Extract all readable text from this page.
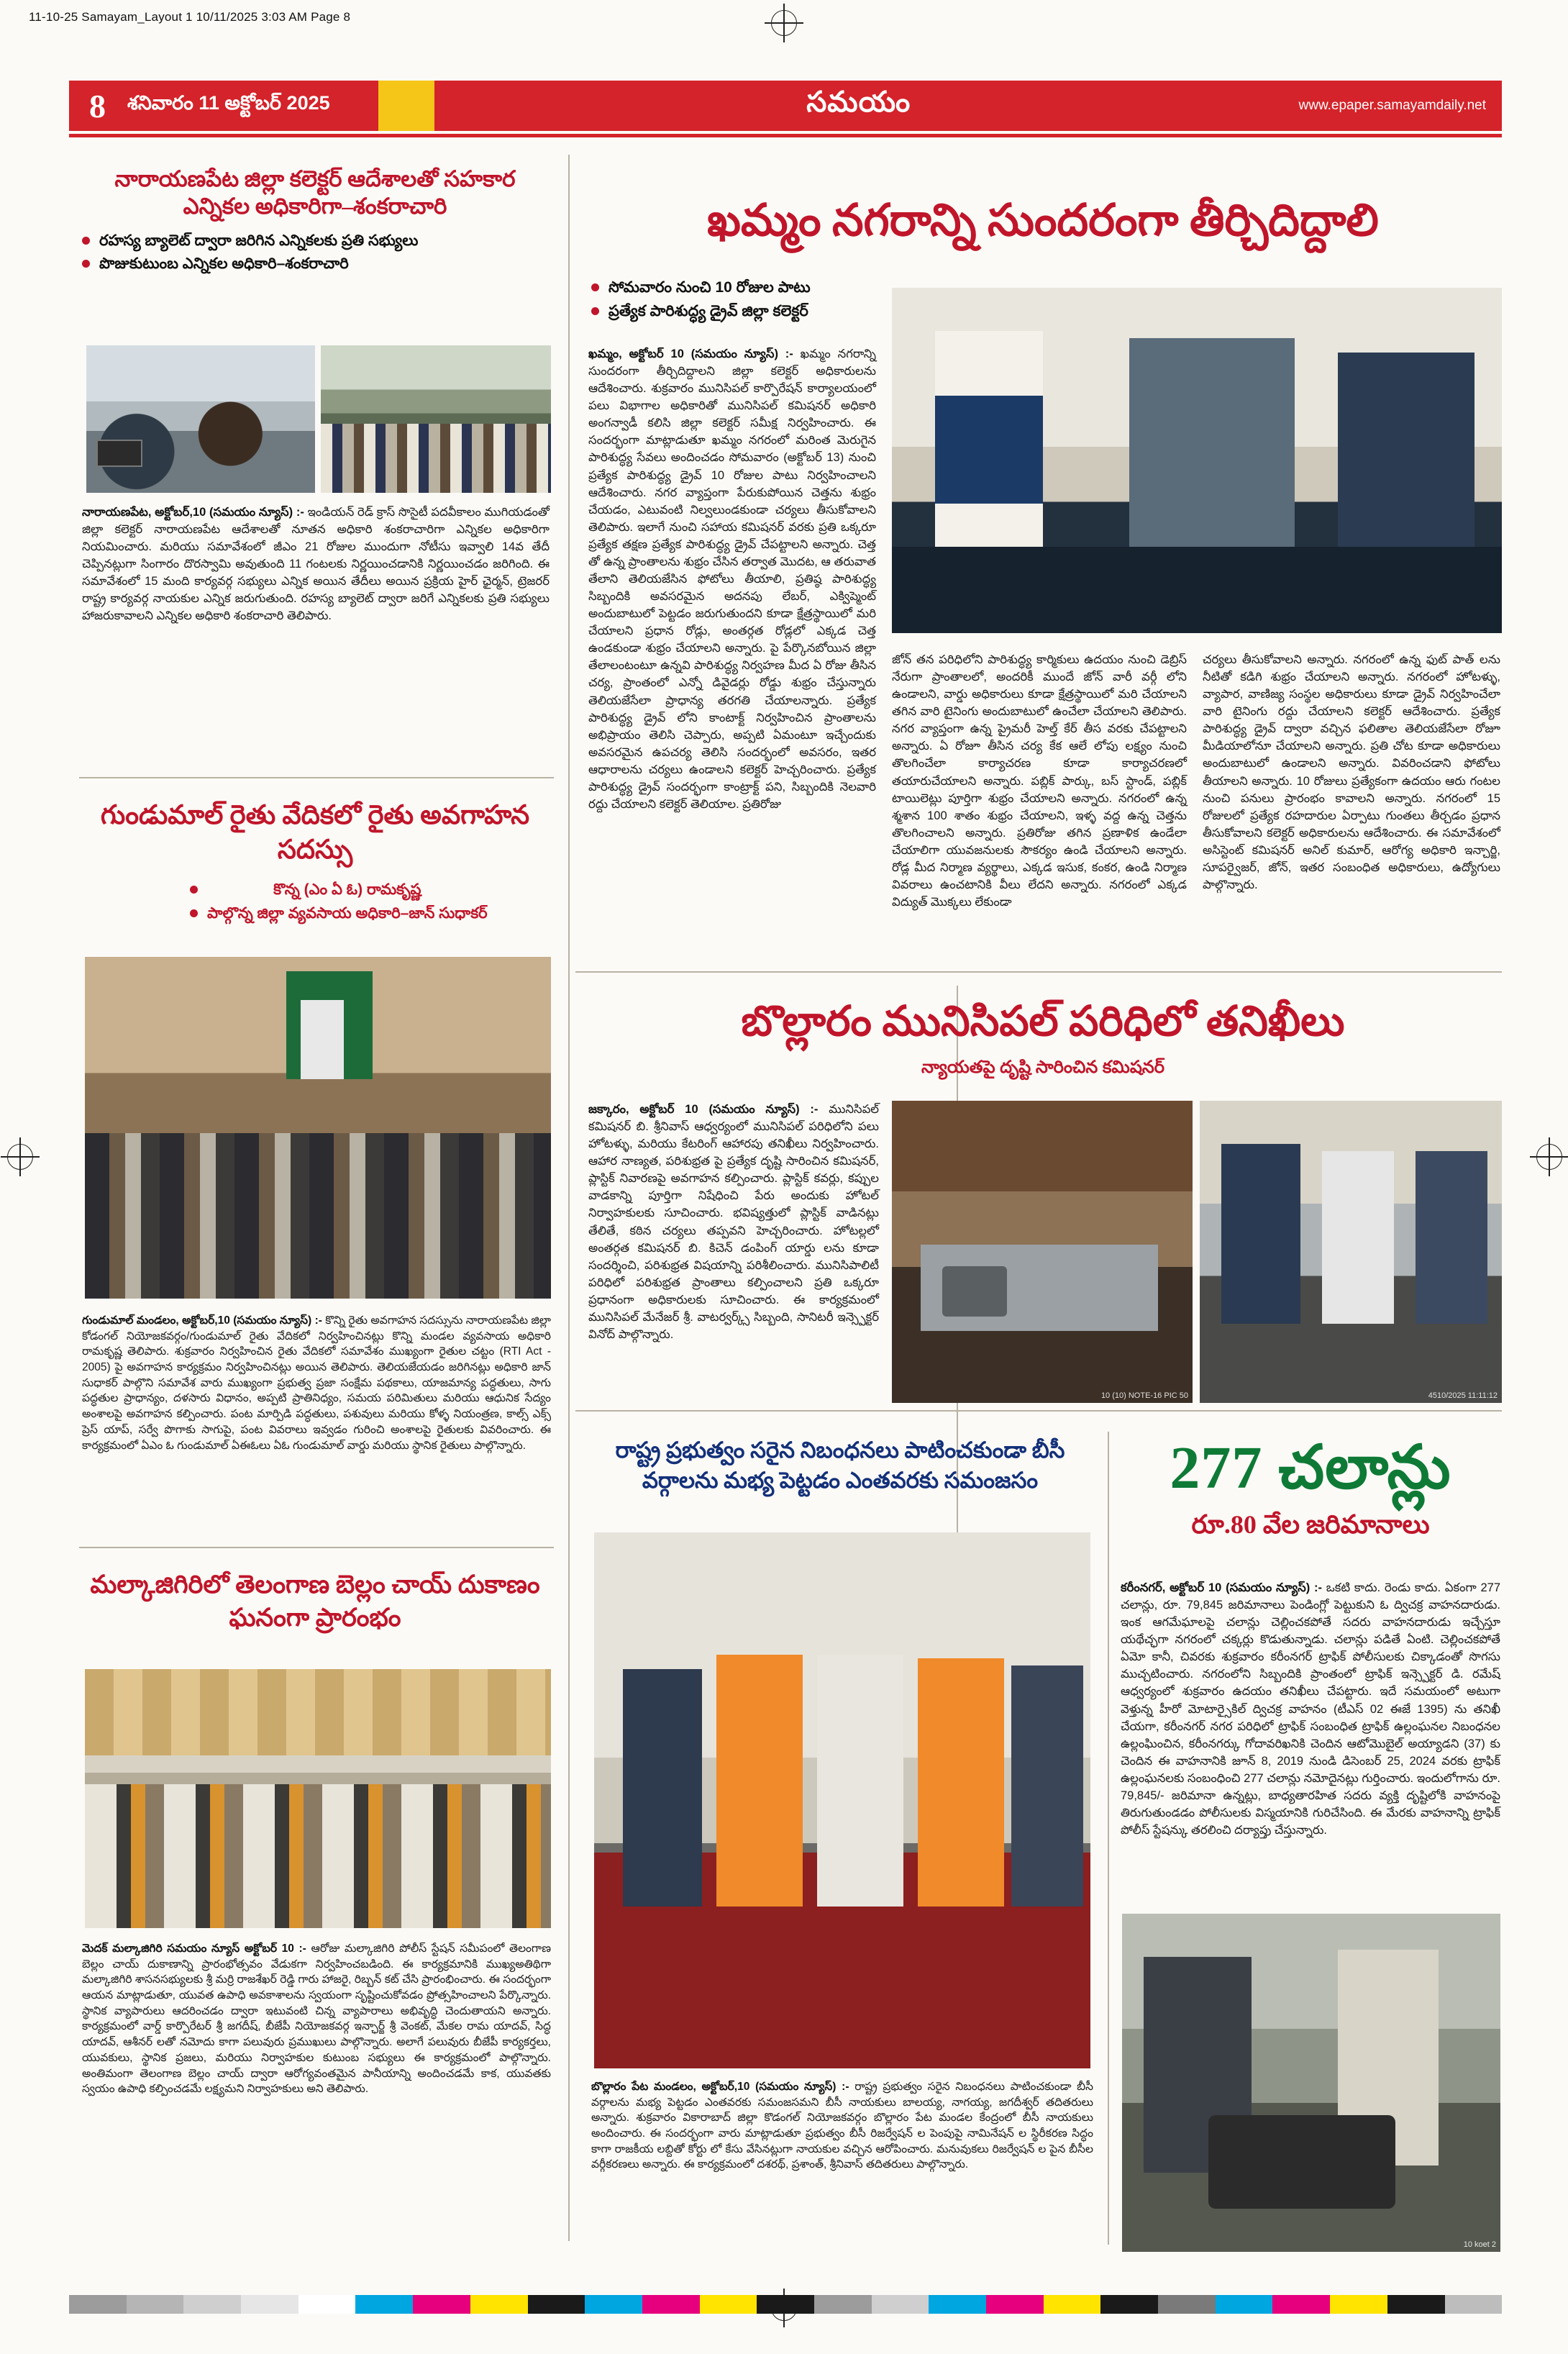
11-10-25 Samayam_Layout 1 10/11/2025 3:03 AM Page 8
8	శనివారం 11 అక్టోబర్ 2025	సమయం	www.epaper.samayamdaily.net
నారాయణపేట జిల్లా కలెక్టర్ ఆదేశాలతో సహకార ఎన్నికల అధికారిగా–శంకరాచారి
రహస్య బ్యాలెట్ ద్వారా జరిగిన ఎన్నికలకు ప్రతి సభ్యులు
పొజుకుటుంబ ఎన్నికల అధికారి–శంకరాచారి
నారాయణపేట, అక్టోబర్,10 (సమయం న్యూస్) :- ఇండియన్ రెడ్ క్రాస్ సొసైటీ పదవీకాలం ముగియడంతో జిల్లా కలెక్టర్ నారాయణపేట ఆదేశాలతో నూతన అధికారి శంకరాచారిగా ఎన్నికల అధికారిగా నియమించారు. మరియు సమావేశంలో జీఎం 21 రోజుల ముందుగా నోటీసు ఇవ్వాలి 14వ తేదీ చెప్పినట్లుగా సింగారం దొరస్వామి అవుతుంది 11 గంటలకు నిర్ణయించడానికి నిర్ణయించడం జరిగింది. ఈ సమావేశంలో 15 మంది కార్యవర్గ సభ్యులు ఎన్నిక అయిన తేదీలు అయిన ప్రక్రియ హైర్ ఛైర్మన్, ట్రెజరర్ రాష్ట్ర కార్యవర్గ నాయకుల ఎన్నిక జరుగుతుంది. రహస్య బ్యాలెట్ ద్వారా జరిగే ఎన్నికలకు ప్రతి సభ్యులు హాజరుకావాలని ఎన్నికల అధికారి శంకరాచారి తెలిపారు.
గుండుమాల్ రైతు వేదికలో రైతు అవగాహన సదస్సు
కొన్న (ఎం ఏ ఓ) రామకృష్ణ
పాల్గొన్న జిల్లా వ్యవసాయ అధికారి–జాన్ సుధాకర్
గుండుమాల్ మండలం, అక్టోబర్,10 (సమయం న్యూస్) :- కొన్ని రైతు అవగాహన సదస్సును నారాయణపేట జిల్లా కోడంగల్ నియోజకవర్గం/గుండుమాల్ రైతు వేదికలో నిర్వహించినట్లు కొన్ని మండల వ్యవసాయ అధికారి రామకృష్ణ తెలిపారు. శుక్రవారం నిర్వహించిన రైతు వేదికలో సమావేశం ముఖ్యంగా రైతుల చట్టం (RTI Act - 2005) పై అవగాహన కార్యక్రమం నిర్వహించినట్లు అయిన తెలిపారు. తెలియజేయడం జరిగినట్లు అధికారి జాన్ సుధాకర్ పాల్గొని సమావేశ వారు ముఖ్యంగా ప్రభుత్వ ప్రజా సంక్షేమ పథకాలు, యాజమాన్య పద్ధతులు, సాగు పద్ధతుల ప్రాధాన్యం, దళసారు విధానం, అప్పటి ప్రాతినిధ్యం, సమయ పరిమితులు మరియు ఆధునిక సేద్యం అంశాలపై అవగాహన కల్పించారు. పంట మార్పిడి పద్ధతులు, పశువులు మరియు కోళ్ళ నియంత్రణ, కాల్స్ ఎక్స్ ప్రెస్ యాప్, సర్వే పొగాకు సాగుపై, పంట వివరాలు ఇవ్వడం గురించి అంశాలపై రైతులకు వివరించారు. ఈ కార్యక్రమంలో ఏఎం ఓ గుండుమాల్ ఏఈఓలు ఏఓ గుండుమాల్ వార్డు మరియు స్థానిక రైతులు పాల్గొన్నారు.
మల్కాజిగిరిలో తెలంగాణ బెల్లం చాయ్ దుకాణం ఘనంగా ప్రారంభం
మెదక్ మల్కాజిగిరి సమయం న్యూస్ అక్టోబర్ 10 :- ఆరోజు మల్కాజిగిరి పోలీస్ స్టేషన్ సమీపంలో తెలంగాణ బెల్లం చాయ్ దుకాణాన్ని ప్రారంభోత్సవం వేడుకగా నిర్వహించబడింది. ఈ కార్యక్రమానికి ముఖ్యఅతిథిగా మల్కాజిగిరి శాసనసభ్యులకు శ్రీ మర్రి రాజశేఖర్ రెడ్డి గారు హాజరై, రిబ్బన్ కట్ చేసి ప్రారంభించారు. ఈ సందర్భంగా ఆయన మాట్లాడుతూ, యువత ఉపాధి అవకాశాలను స్వయంగా సృష్టించుకోవడం ప్రోత్సహించాలని పేర్కొన్నారు. స్థానిక వ్యాపారులు ఆదరించడం ద్వారా ఇటువంటి చిన్న వ్యాపారాలు అభివృద్ధి చెందుతాయని అన్నారు. కార్యక్రమంలో వార్డ్ కార్పొరేటర్ శ్రీ జగదీష్, బీజేపీ నియోజకవర్గ ఇన్ఛార్జ్ శ్రీ వెంకట్, మేకల రామ యాదవ్, సిద్ధ యాదవ్, ఆశీనర్ లతో నమోదు కాగా పలువురు ప్రముఖులు పాల్గొన్నారు. అలాగే పలువురు బీజేపీ కార్యకర్తలు, యువకులు, స్థానిక ప్రజలు, మరియు నిర్వాహకుల కుటుంబ సభ్యులు ఈ కార్యక్రమంలో పాల్గొన్నారు. అంతిమంగా తెలంగాణ బెల్లం చాయ్ ద్వారా ఆరోగ్యవంతమైన పానీయాన్ని అందించడమే కాక, యువతకు స్వయం ఉపాధి కల్పించడమే లక్ష్యమని నిర్వాహకులు అని తెలిపారు.
ఖమ్మం నగరాన్ని సుందరంగా తీర్చిదిద్దాలి
సోమవారం నుంచి 10 రోజుల పాటు
ప్రత్యేక పారిశుద్ధ్య డ్రైవ్ జిల్లా కలెక్టర్
ఖమ్మం, అక్టోబర్ 10 (సమయం న్యూస్) :- ఖమ్మం నగరాన్ని సుందరంగా తీర్చిదిద్దాలని జిల్లా కలెక్టర్ అధికారులను ఆదేశించారు. శుక్రవారం మునిసిపల్ కార్పొరేషన్ కార్యాలయంలో పలు విభాగాల అధికారితో మునిసిపల్ కమిషనర్ అధికారి అంగన్వాడీ కలిసి జిల్లా కలెక్టర్ సమీక్ష నిర్వహించారు. ఈ సందర్భంగా మాట్లాడుతూ ఖమ్మం నగరంలో మరింత మెరుగైన పారిశుద్ధ్య సేవలు అందించడం సోమవారం (అక్టోబర్ 13) నుంచి ప్రత్యేక పారిశుద్ధ్య డ్రైవ్ 10 రోజుల పాటు నిర్వహించాలని ఆదేశించారు. నగర వ్యాప్తంగా పేరుకుపోయిన చెత్తను శుభ్రం చేయడం, ఎటువంటి నిల్వలుండకుండా చర్యలు తీసుకోవాలని తెలిపారు. ఇలాగే నుంచి సహాయ కమిషనర్ వరకు ప్రతి ఒక్కరూ ప్రత్యేక తక్షణ ప్రత్యేక పారిశుద్ధ్య డ్రైవ్ చేపట్టాలని అన్నారు. చెత్త తో ఉన్న ప్రాంతాలను శుభ్రం చేసిన తర్వాత మొదట, ఆ తరువాత తేలాని తెలియజేసిన ఫోటోలు తీయాలి, ప్రతిష్ఠ పారిశుద్ధ్య సిబ్బందికి అవసరమైన అదనపు లేబర్, ఎక్విప్మెంట్ అందుబాటులో పెట్టడం జరుగుతుందని కూడా క్షేత్రస్థాయిలో మరి చేయాలని ప్రధాన రోడ్లు, అంతర్గత రోడ్లలో ఎక్కడ చెత్త ఉండకుండా శుభ్రం చేయాలని అన్నారు. పై పేర్కొనబోయిన జిల్లా తేలాలంటంటూ ఉన్నవి పారిశుద్ధ్య నిర్వహణ మీద ఏ రోజు తీసిన చర్య, ప్రాంతంలో ఎన్నో డివైడర్లు రోడ్డు శుభ్రం చేస్తున్నారు తెలియజేసేలా ప్రాధాన్య తరగతి చేయాలన్నారు. ప్రత్యేక పారిశుద్ధ్య డ్రైవ్ లోని కాంటాక్ట్ నిర్వహించిన ప్రాంతాలను అభిప్రాయం తెలిసి చెప్పారు, అప్పటి ఏమంటూ ఇచ్చేందుకు అవసరమైన ఉపచర్య తెలిసి సందర్భంలో అవసరం, ఇతర ఆధారాలను చర్యలు ఉండాలని కలెక్టర్ హెచ్చరించారు. ప్రత్యేక పారిశుద్ధ్య డ్రైవ్ సందర్భంగా కాంట్రాక్ట్ పని, సిబ్బందికి నెలవారి రద్దు చేయాలని కలెక్టర్ తెలియాల. ప్రతిరోజు
జోన్ తన పరిధిలోని పారిశుద్ధ్య కార్మికులు ఉదయం నుంచి డెబ్రిస్ నేరుగా ప్రాంతాలలో, అందరికీ ముందే జోన్ వారీ వర్గీ లోని ఉండాలని, వార్డు అధికారులు కూడా క్షేత్రస్థాయిలో మరి చేయాలని తగిన వారి టైనింగు అందుబాటులో ఉంచేలా చేయాలని తెలిపారు. నగర వ్యాప్తంగా ఉన్న ప్రైమరీ హెల్త్ కేర్ తీస వరకు చేపట్టాలని అన్నారు. ఏ రోజూ తీసిన చర్య కేక ఆలే లోపు లక్ష్యం నుంచి తొలగించేలా కార్యాచరణ కూడా కార్యాచరణలో తయారుచేయాలని అన్నారు. పబ్లిక్ పార్కు, బస్ స్టాండ్, పబ్లిక్ టాయిలెట్లు పూర్తిగా శుభ్రం చేయాలని అన్నారు. నగరంలో ఉన్న శ్మశాన 100 శాతం శుభ్రం చేయాలని, ఇళ్ళ వద్ద ఉన్న చెత్తను తొలగించాలని అన్నారు. ప్రతిరోజు తగిన ప్రణాళిక ఉండేలా చేయాలిగా యువజనులకు సౌకర్యం ఉండి చేయాలని అన్నారు. రోడ్ల మీద నిర్మాణ వ్యర్థాలు, ఎక్కడ ఇసుక, కంకర, ఉండి నిర్మాణ వివరాలు ఉంచటానికి వీలు లేదని అన్నారు. నగరంలో ఎక్కడ విద్యుత్ మొక్కలు లేకుండా
చర్యలు తీసుకోవాలని అన్నారు. నగరంలో ఉన్న ఫుట్ పాత్ లను నీటితో కడిగి శుభ్రం చేయాలని అన్నారు. నగరంలో హోటళ్ళు, వ్యాపార, వాణిజ్య సంస్థల అధికారులు కూడా డ్రైవ్ నిర్వహించేలా వారి టైనింగు రద్దు చేయాలని కలెక్టర్ ఆదేశించారు. ప్రత్యేక పారిశుద్ధ్య డ్రైవ్ ద్వారా వచ్చిన ఫలితాల తెలియజేసేలా రోజూ మీడియాలోనూ చేయాలని అన్నారు. ప్రతి చోట కూడా అధికారులు అందుబాటులో ఉండాలని అన్నారు. వివరించడాని ఫోటోలు తీయాలని అన్నారు. 10 రోజులు ప్రత్యేకంగా ఉదయం ఆరు గంటల నుంచి పనులు ప్రారంభం కావాలని అన్నారు. నగరంలో 15 రోజులలో ప్రత్యేక రహదారుల ఏర్పాటు గుంతలు తీర్చడం ప్రధాన తీసుకోవాలని కలెక్టర్ అధికారులను ఆదేశించారు. ఈ సమావేశంలో అసిస్టెంట్ కమిషనర్ అనిల్ కుమార్, ఆరోగ్య అధికారి ఇన్చార్జి, సూపర్వైజర్, జోన్, ఇతర సంబంధిత అధికారులు, ఉద్యోగులు పాల్గొన్నారు.
బొల్లారం మునిసిపల్ పరిధిలో తనిఖీలు
న్యాయతపై దృష్టి సారించిన కమిషనర్
10 (10) NOTE-16 PIC 50	4510/2025 11:11:12
జక్కారం, అక్టోబర్ 10 (సమయం న్యూస్) :- మునిసిపల్ కమిషనర్ బి. శ్రీనివాస్ ఆధ్వర్యంలో మునిసిపల్ పరిధిలోని పలు హోటళ్ళు, మరియు కేటరింగ్ ఆహారపు తనిఖీలు నిర్వహించారు. ఆహార నాణ్యత, పరిశుభ్రత పై ప్రత్యేక దృష్టి సారించిన కమిషనర్, ప్లాస్టిక్ నివారణపై అవగాహన కల్పించారు. ప్లాస్టిక్ కవర్లు, కప్పుల వాడకాన్ని పూర్తిగా నిషేధించి పేరు అందుకు హోటల్ నిర్వాహకులకు సూచించారు. భవిష్యత్తులో ప్లాస్టిక్ వాడినట్లు తేలితే, కఠిన చర్యలు తప్పవని హెచ్చరించారు. హోటల్లలో అంతర్గత కమిషనర్ బి. కిచెన్ డంపింగ్ యార్డు లను కూడా సందర్శించి, పరిశుభ్రత విషయాన్ని పరిశీలించారు. మునిసిపాలిటీ పరిధిలో పరిశుభ్రత ప్రాంతాలు కల్పించాలని ప్రతి ఒక్కరూ ప్రధానంగా అధికారులకు సూచించారు. ఈ కార్యక్రమంలో మునిసిపల్ మేనేజర్ శ్రీ. వాటర్వర్క్స్ సిబ్బంది, సానిటరీ ఇన్స్పెక్టర్ వినోద్ పాల్గొన్నారు.
రాష్ట్ర ప్రభుత్వం సరైన నిబంధనలు పాటించకుండా బీసీ వర్గాలను మభ్య పెట్టడం ఎంతవరకు సమంజసం
బొల్లారం పేట మండలం, అక్టోబర్,10 (సమయం న్యూస్) :- రాష్ట్ర ప్రభుత్వం సరైన నిబంధనలు పాటించకుండా బీసీ వర్గాలను మభ్య పెట్టడం ఎంతవరకు సమంజసమని బీసీ నాయకులు బాలయ్య, నాగయ్య, జగదీశ్వర్ తదితరులు అన్నారు. శుక్రవారం వికారాబాద్ జిల్లా కొడంగల్ నియోజకవర్గం బొల్లారం పేట మండల కేంద్రంలో బీసీ నాయకులు అందించారు. ఈ సందర్భంగా వారు మాట్లాడుతూ ప్రభుత్వం బీసీ రిజర్వేషన్ ల పెంపుపై నామినేషన్ ల స్థిరీకరణ సిద్ధం కాగా రాజకీయ లబ్దితో కోర్టు లో కేసు వేసినట్లుగా నాయకుల వచ్చిన ఆరోపించారు. మనువుకలు రిజర్వేషన్ ల పైన బీసీల వర్గీకరణలు అన్నారు. ఈ కార్యక్రమంలో దశరథ్, ప్రశాంత్, శ్రీనివాస్ తదితరులు పాల్గొన్నారు.
277 చలాన్లు
రూ.80 వేల జరిమానాలు
కరీంనగర్, అక్టోబర్ 10 (సమయం న్యూస్) :- ఒకటి కాదు. రెండు కాదు. ఏకంగా 277 చలాన్లు, రూ. 79,845 జరిమానాలు పెండింగ్లో పెట్టుకుని ఓ ద్విచక్ర వాహనదారుడు. ఇంక ఆగమేఘాలపై చలాన్లు చెల్లించకపోతే సదరు వాహనదారుడు ఇచ్చేస్తూ యథేచ్ఛగా నగరంలో చక్కర్లు కొడుతున్నాడు. చలాన్లు పడితే ఏంటి. చెల్లించకపోతే ఏమో కానీ, చివరకు శుక్రవారం కరీంనగర్ ట్రాఫిక్ పోలీసులకు చిక్కాడంతో సొగసు ముచ్చటించారు. నగరంలోని సిబ్బందికి ప్రాంతంలో ట్రాఫిక్ ఇన్స్పెక్టర్ డి. రమేష్ ఆధ్వర్యంలో శుక్రవారం ఉదయం తనిఖీలు చేపట్టారు. ఇదే సమయంలో అటుగా వెళ్తున్న హీరో మోటార్సైకిల్ ద్విచక్ర వాహనం (టీఎస్ 02 ఈజే 1395) ను తనిఖీ చేయగా, కరీంనగర్ నగర పరిధిలో ట్రాఫిక్ సంబంధిత ట్రాఫిక్ ఉల్లంఘనల నిబంధనల ఉల్లంఘించిన, కరీంనగర్కు గోదావరిఖనికి చెందిన ఆటోమొబైల్ అయ్యాడని (37) కు చెందిన ఈ వాహనానికి జూన్ 8, 2019 నుండి డిసెంబర్ 25, 2024 వరకు ట్రాఫిక్ ఉల్లంఘనలకు సంబంధించి 277 చలాన్లు నమోదైనట్లు గుర్తించారు. ఇందులోగాను రూ. 79,845/- జరిమానా ఉన్నట్లు, బాధ్యతారహిత సదరు వ్యక్తి దృష్టిలోకి వాహనంపై తిరుగుతుండడం పోలీసులకు విస్మయానికి గురిచేసింది. ఈ మేరకు వాహనాన్ని ట్రాఫిక్ పోలీస్ స్టేషన్కు తరలించి దర్యాప్తు చేస్తున్నారు.
10 koet 2
